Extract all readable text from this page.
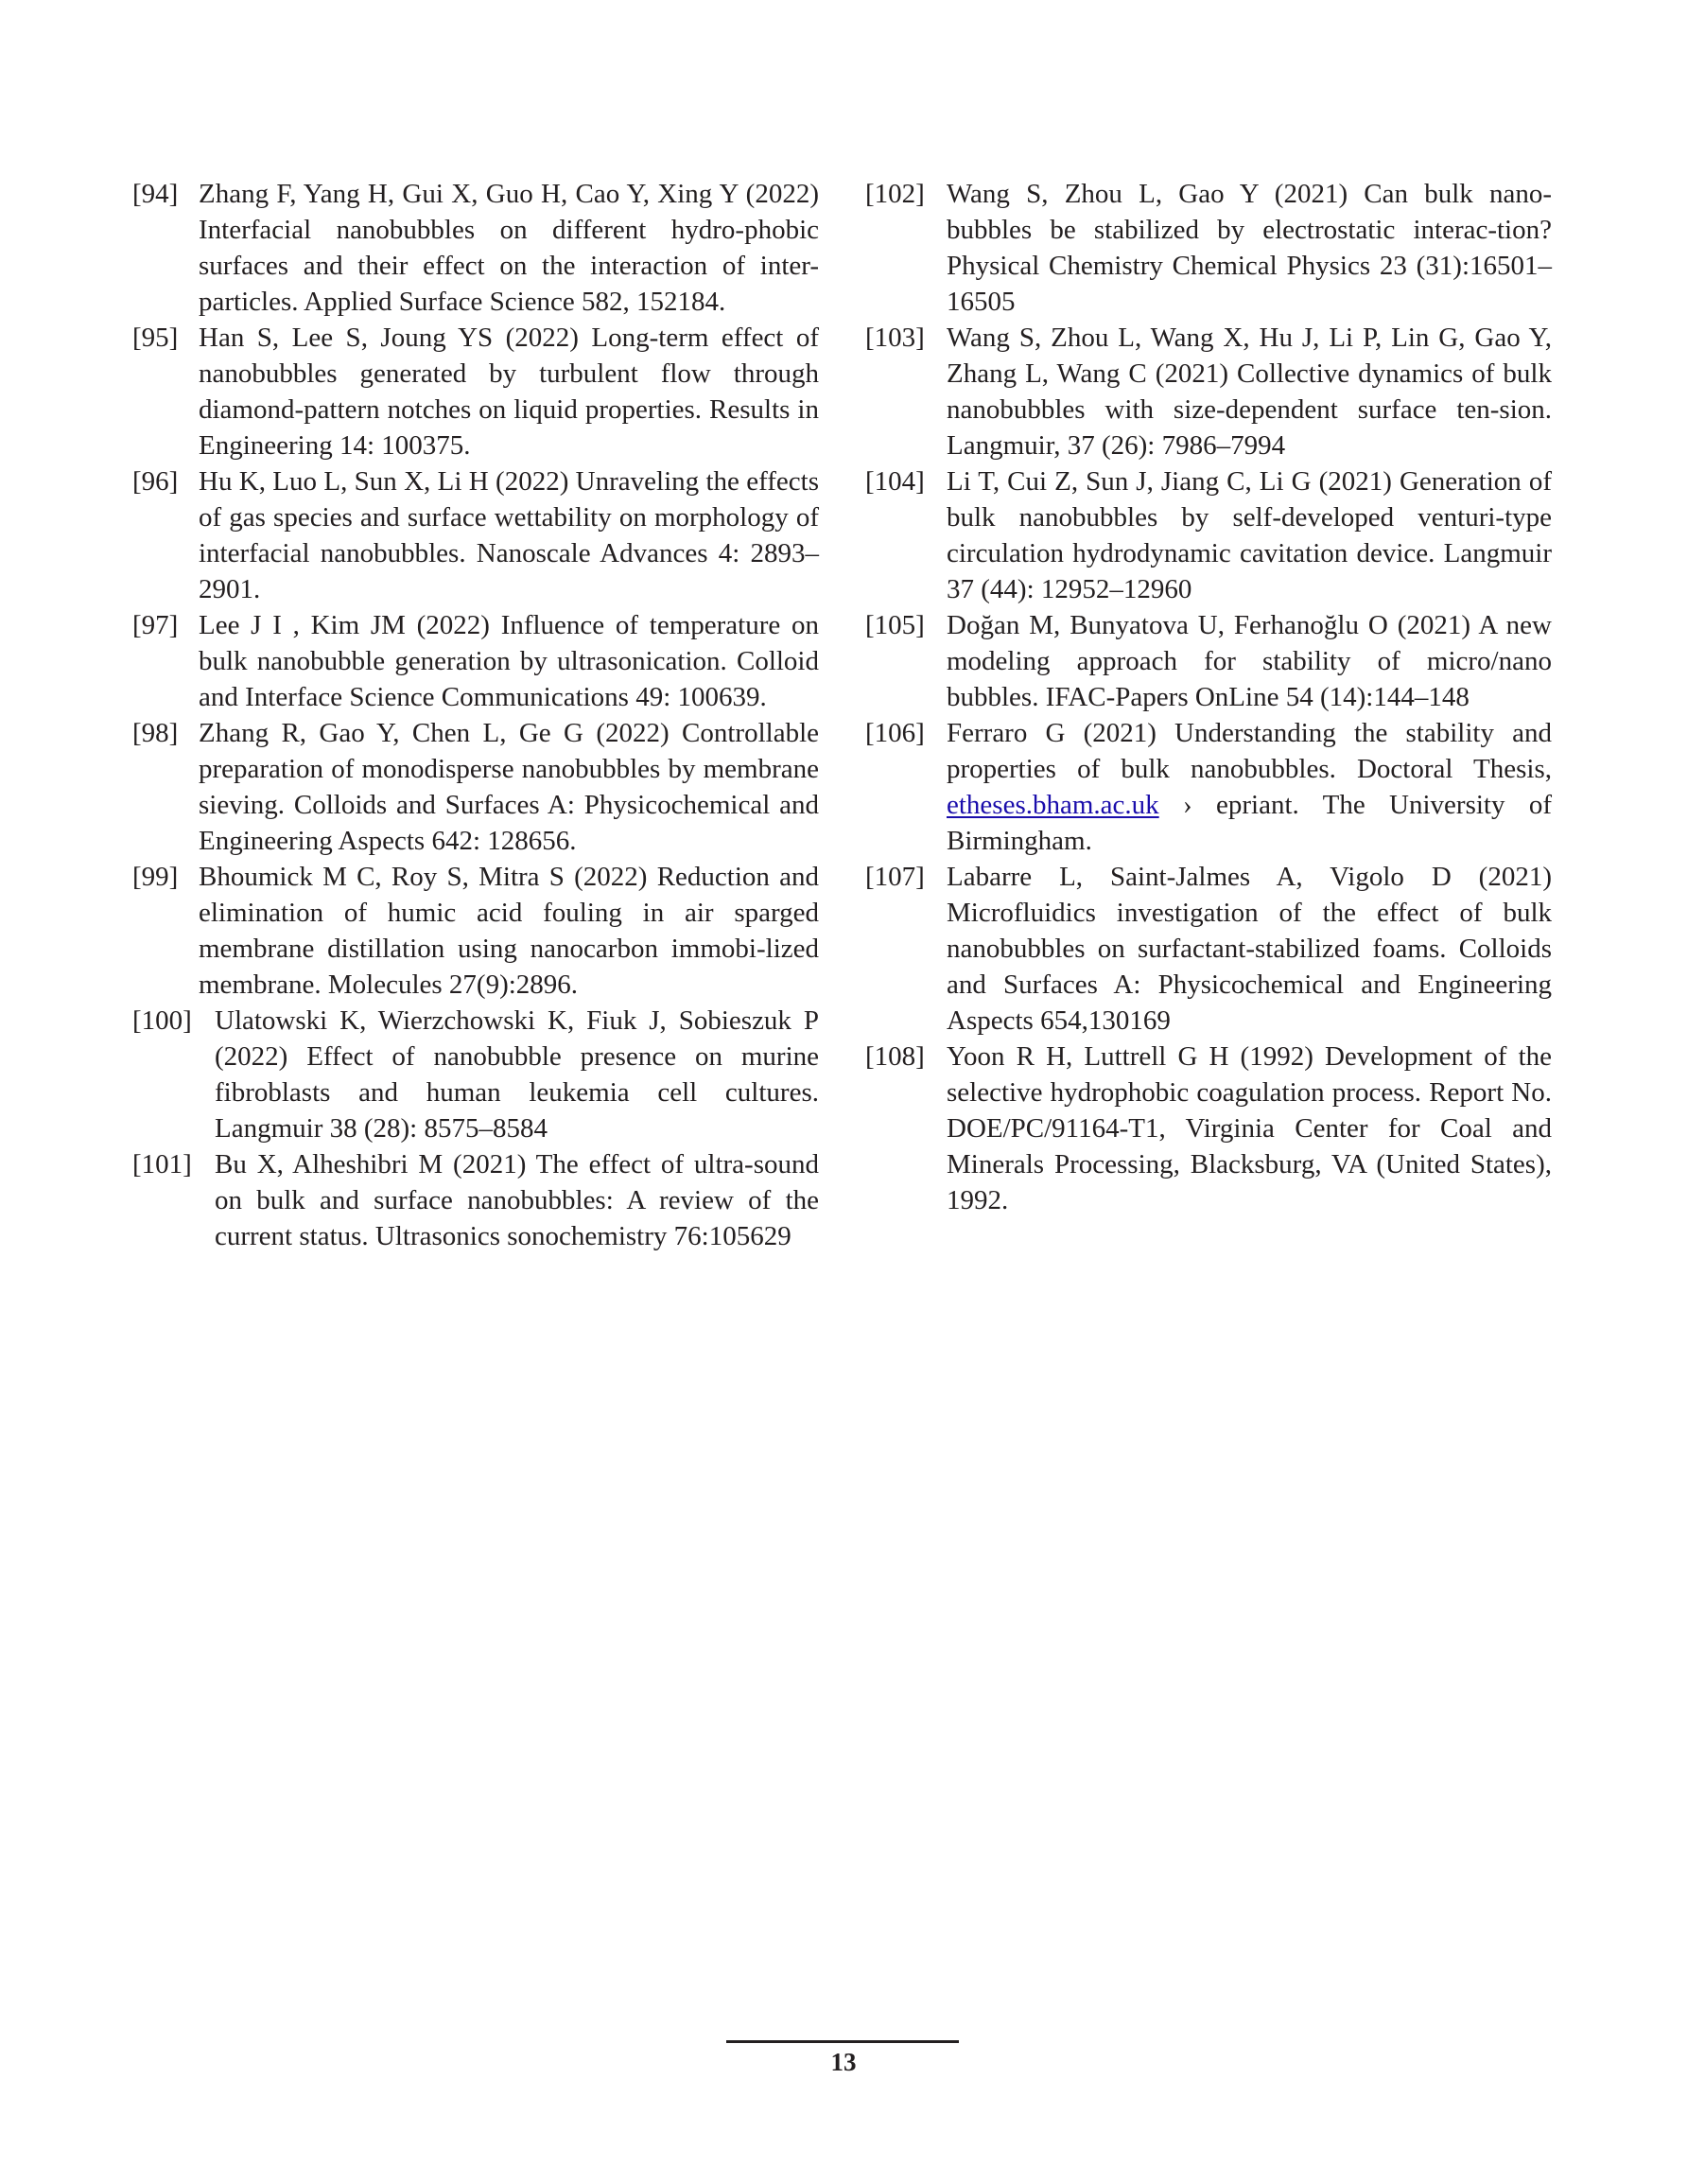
[94] Zhang F, Yang H, Gui X, Guo H, Cao Y, Xing Y (2022) Interfacial nanobubbles on different hydro-phobic surfaces and their effect on the interaction of inter-particles. Applied Surface Science 582, 152184.
[95] Han S, Lee S, Joung YS (2022) Long-term effect of nanobubbles generated by turbulent flow through diamond-pattern notches on liquid properties. Results in Engineering 14: 100375.
[96] Hu K, Luo L, Sun X, Li H (2022) Unraveling the effects of gas species and surface wettability on morphology of interfacial nanobubbles. Nanoscale Advances 4: 2893–2901.
[97] Lee J I , Kim JM (2022) Influence of temperature on bulk nanobubble generation by ultrasonication. Colloid and Interface Science Communications 49: 100639.
[98] Zhang R, Gao Y, Chen L, Ge G (2022) Controllable preparation of monodisperse nanobubbles by membrane sieving. Colloids and Surfaces A: Physicochemical and Engineering Aspects 642: 128656.
[99] Bhoumick M C, Roy S, Mitra S (2022) Reduction and elimination of humic acid fouling in air sparged membrane distillation using nanocarbon immobi-lized membrane. Molecules 27(9):2896.
[100] Ulatowski K, Wierzchowski K, Fiuk J, Sobieszuk P (2022) Effect of nanobubble presence on murine fibroblasts and human leukemia cell cultures. Langmuir 38 (28): 8575–8584
[101] Bu X, Alheshibri M (2021) The effect of ultra-sound on bulk and surface nanobubbles: A review of the current status. Ultrasonics sonochemistry 76:105629
[102] Wang S, Zhou L, Gao Y (2021) Can bulk nano-bubbles be stabilized by electrostatic interac-tion? Physical Chemistry Chemical Physics 23 (31):16501–16505
[103] Wang S, Zhou L, Wang X, Hu J, Li P, Lin G, Gao Y, Zhang L, Wang C (2021) Collective dynamics of bulk nanobubbles with size-dependent surface ten-sion. Langmuir, 37 (26): 7986–7994
[104] Li T, Cui Z, Sun J, Jiang C, Li G (2021) Generation of bulk nanobubbles by self-developed venturi-type circulation hydrodynamic cavitation device. Langmuir 37 (44): 12952–12960
[105] Doğan M, Bunyatova U, Ferhanoğlu O (2021) A new modeling approach for stability of micro/nano bubbles. IFAC-Papers OnLine 54 (14):144–148
[106] Ferraro G (2021) Understanding the stability and properties of bulk nanobubbles. Doctoral Thesis, etheses.bham.ac.uk › epriant. The University of Birmingham.
[107] Labarre L, Saint-Jalmes A, Vigolo D (2021) Microfluidics investigation of the effect of bulk nanobubbles on surfactant-stabilized foams. Colloids and Surfaces A: Physicochemical and Engineering Aspects 654,130169
[108] Yoon R H, Luttrell G H (1992) Development of the selective hydrophobic coagulation process. Report No. DOE/PC/91164-T1, Virginia Center for Coal and Minerals Processing, Blacksburg, VA (United States), 1992.
13
